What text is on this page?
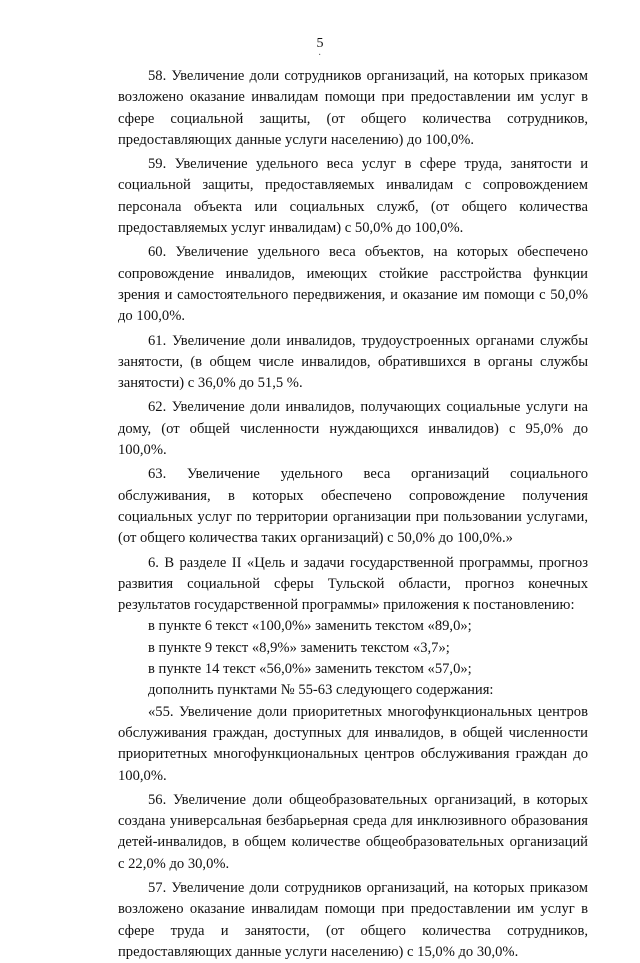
5
·

58. Увеличение доли сотрудников организаций, на которых приказом возложено оказание инвалидам помощи при предоставлении им услуг в сфере социальной защиты, (от общего количества сотрудников, предоставляющих данные услуги населению) до 100,0%.

59. Увеличение удельного веса услуг в сфере труда, занятости и социальной защиты, предоставляемых инвалидам с сопровождением персонала объекта или социальных служб, (от общего количества предоставляемых услуг инвалидам) с 50,0% до 100,0%.

60. Увеличение удельного веса объектов, на которых обеспечено сопровождение инвалидов, имеющих стойкие расстройства функции зрения и самостоятельного передвижения, и оказание им помощи с 50,0% до 100,0%.

61. Увеличение доли инвалидов, трудоустроенных органами службы занятости, (в общем числе инвалидов, обратившихся в органы службы занятости) с 36,0% до 51,5 %.

62. Увеличение доли инвалидов, получающих социальные услуги на дому, (от общей численности нуждающихся инвалидов) с 95,0% до 100,0%.

63. Увеличение удельного веса организаций социального обслуживания, в которых обеспечено сопровождение получения социальных услуг по территории организации при пользовании услугами, (от общего количества таких организаций) с 50,0% до 100,0%.»

6. В разделе II «Цель и задачи государственной программы, прогноз развития социальной сферы Тульской области, прогноз конечных результатов государственной программы» приложения к постановлению:

в пункте 6 текст «100,0%» заменить текстом «89,0»;

в пункте 9 текст «8,9%» заменить текстом «3,7»;

в пункте 14 текст «56,0%» заменить текстом «57,0»;

дополнить пунктами № 55-63 следующего содержания:

«55. Увеличение доли приоритетных многофункциональных центров обслуживания граждан, доступных для инвалидов, в общей численности приоритетных многофункциональных центров обслуживания граждан до 100,0%.

56. Увеличение доли общеобразовательных организаций, в которых создана универсальная безбарьерная среда для инклюзивного образования детей-инвалидов, в общем количестве общеобразовательных организаций с 22,0% до 30,0%.

57. Увеличение доли сотрудников организаций, на которых приказом возложено оказание инвалидам помощи при предоставлении им услуг в сфере труда и занятости, (от общего количества сотрудников, предоставляющих данные услуги населению) с 15,0% до 30,0%.
